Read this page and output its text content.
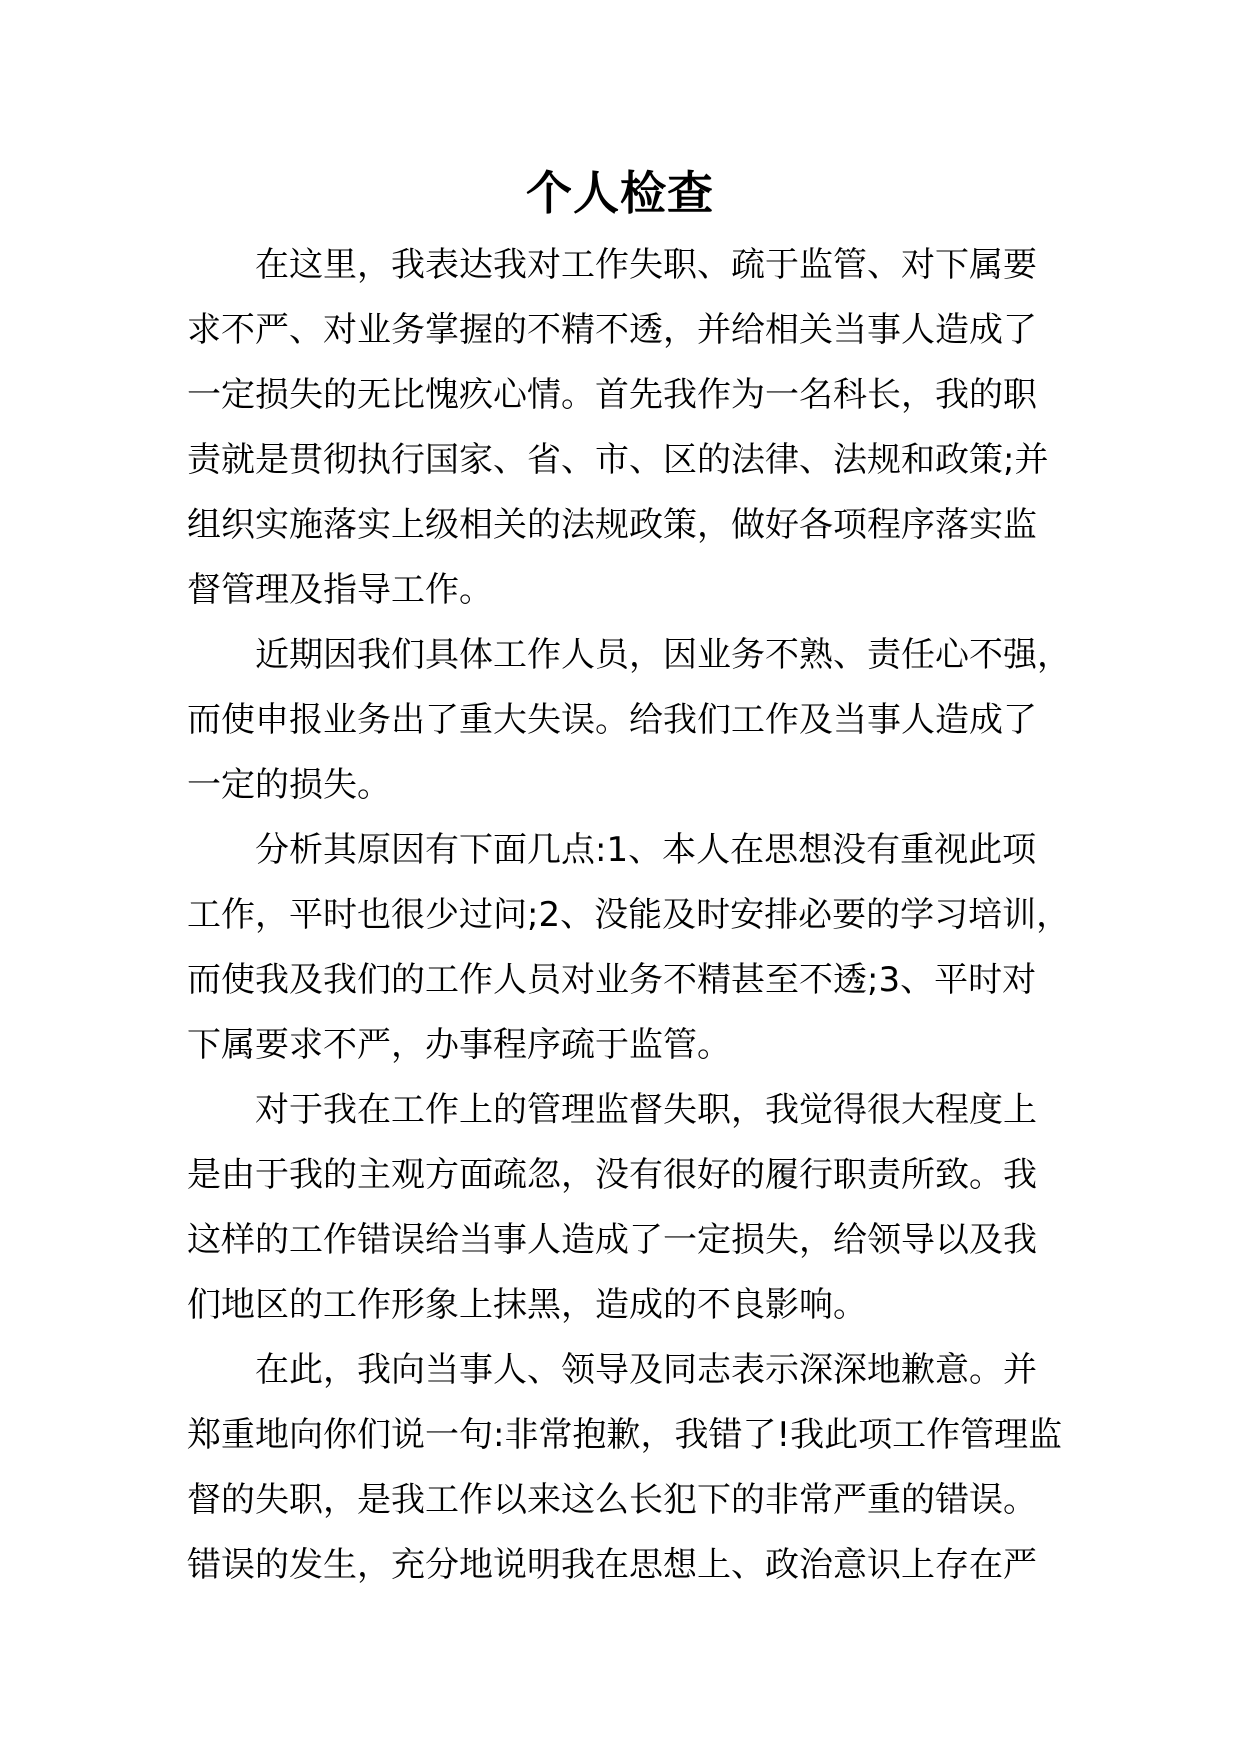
个人检查
在这里，我表达我对工作失职、疏于监管、对下属要
求不严、对业务掌握的不精不透，并给相关当事人造成了
一定损失的无比愧疚心情。首先我作为一名科长，我的职
责就是贯彻执行国家、省、市、区的法律、法规和政策;并
组织实施落实上级相关的法规政策，做好各项程序落实监
督管理及指导工作。
近期因我们具体工作人员，因业务不熟、责任心不强，
而使申报业务出了重大失误。给我们工作及当事人造成了
一定的损失。
分析其原因有下面几点:1、本人在思想没有重视此项
工作，平时也很少过问;2、没能及时安排必要的学习培训，
而使我及我们的工作人员对业务不精甚至不透;3、平时对
下属要求不严，办事程序疏于监管。
对于我在工作上的管理监督失职，我觉得很大程度上
是由于我的主观方面疏忽，没有很好的履行职责所致。我
这样的工作错误给当事人造成了一定损失，给领导以及我
们地区的工作形象上抹黑，造成的不良影响。
在此，我向当事人、领导及同志表示深深地歉意。并
郑重地向你们说一句:非常抱歉，我错了!我此项工作管理监
督的失职，是我工作以来这么长犯下的非常严重的错误。
错误的发生，充分地说明我在思想上、政治意识上存在严
